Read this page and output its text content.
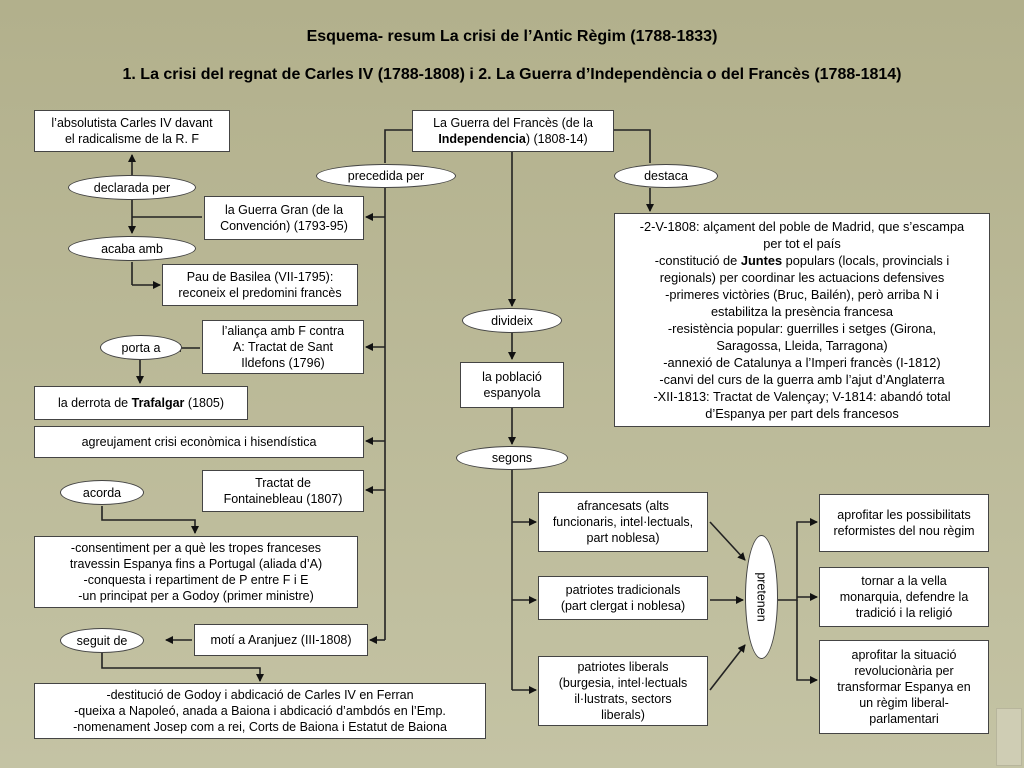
Esquema- resum La crisi de l’Antic Règim (1788-1833)
1. La crisi del regnat de Carles IV (1788-1808) i 2. La Guerra d’Independència o del Francès (1788-1814)
l’absolutista Carles IV davant
el radicalisme de la R. F
declarada per
la Guerra Gran (de la
Convención) (1793-95)
acaba amb
Pau de Basilea (VII-1795):
reconeix el predomini francès
l’aliança amb F contra
A: Tractat de Sant
Ildefons (1796)
porta a
la derrota de Trafalgar (1805)
agreujament crisi econòmica i hisendística
acorda
Tractat de
Fontainebleau (1807)
-consentiment per a què les tropes franceses
travessin Espanya fins a Portugal (aliada d’A)
-conquesta i repartiment de P entre F i E
-un principat per a Godoy (primer ministre)
seguit de	motí a Aranjuez (III-1808)
-destitució de Godoy i abdicació de Carles IV en Ferran
-queixa a Napoleó, anada a Baiona i abdicació d’ambdós en l’Emp.
-nomenament Josep com a rei, Corts de Baiona i Estatut de Baiona
La Guerra del Francès (de la
Independencia) (1808-14)
precedida per	destaca
divideix
la població
espanyola
segons
-2-V-1808: alçament del poble de Madrid, que s’escampa
per tot el país
-constitució de Juntes populars (locals, provincials i
regionals) per coordinar les actuacions defensives
-primeres victòries (Bruc, Bailén), però arriba N i
estabilitza la presència francesa
-resistència popular: guerrilles i setges (Girona,
Saragossa, Lleida, Tarragona)
-annexió de Catalunya a l’Imperi francès (I-1812)
-canvi del curs de la guerra amb l’ajut d’Anglaterra
-XII-1813: Tractat de Valençay; V-1814: abandó total
d’Espanya per part dels francesos
afrancesats (alts
funcionaris, intel·lectuals,
part noblesa)
patriotes tradicionals
(part clergat i noblesa)
patriotes liberals
(burgesia, intel·lectuals
il·lustrats, sectors
liberals)
pretenen
aprofitar les possibilitats
reformistes del nou règim
tornar a la vella
monarquia, defendre la
tradició i la religió
aprofitar la situació
revolucionària per
transformar Espanya en
un règim liberal-
parlamentari
